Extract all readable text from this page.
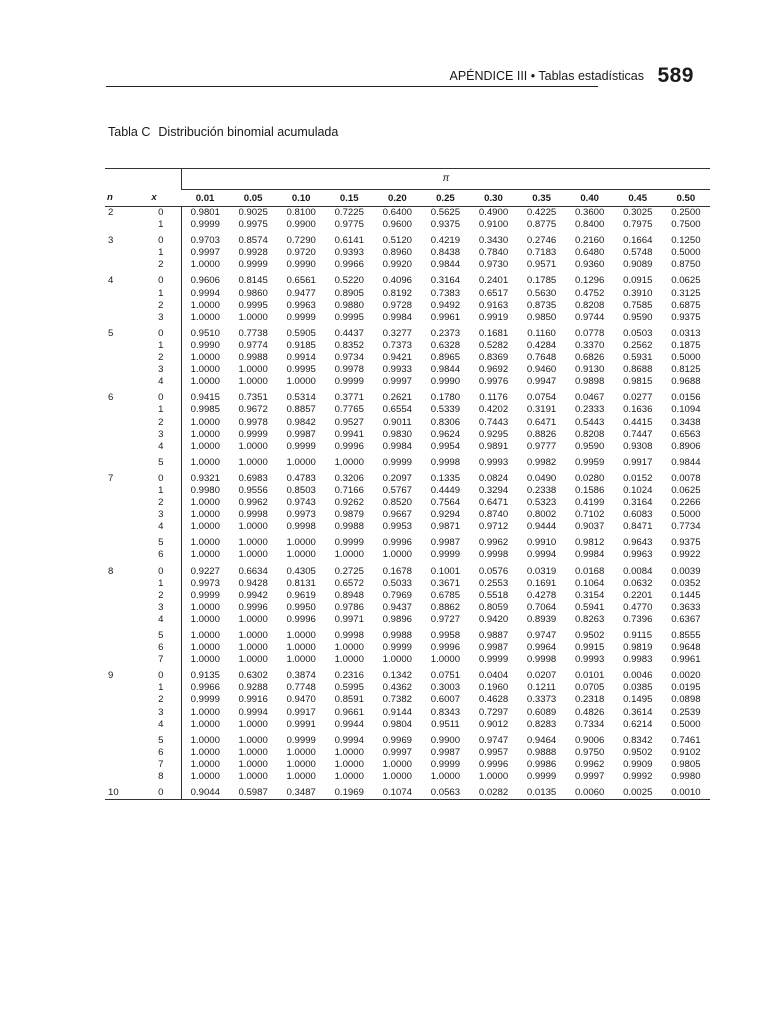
APÉNDICE III • Tablas estadísticas 589
Tabla C Distribución binomial acumulada
π
n	x	0.01	0.05	0.10	0.15	0.20	0.25	0.30	0.35	0.40	0.45	0.50
2	0	0.9801	0.9025	0.8100	0.7225	0.6400	0.5625	0.4900	0.4225	0.3600	0.3025	0.2500
	1	0.9999	0.9975	0.9900	0.9775	0.9600	0.9375	0.9100	0.8775	0.8400	0.7975	0.7500
3	0	0.9703	0.8574	0.7290	0.6141	0.5120	0.4219	0.3430	0.2746	0.2160	0.1664	0.1250
	1	0.9997	0.9928	0.9720	0.9393	0.8960	0.8438	0.7840	0.7183	0.6480	0.5748	0.5000
	2	1.0000	0.9999	0.9990	0.9966	0.9920	0.9844	0.9730	0.9571	0.9360	0.9089	0.8750
4	0	0.9606	0.8145	0.6561	0.5220	0.4096	0.3164	0.2401	0.1785	0.1296	0.0915	0.0625
	1	0.9994	0.9860	0.9477	0.8905	0.8192	0.7383	0.6517	0.5630	0.4752	0.3910	0.3125
	2	1.0000	0.9995	0.9963	0.9880	0.9728	0.9492	0.9163	0.8735	0.8208	0.7585	0.6875
	3	1.0000	1.0000	0.9999	0.9995	0.9984	0.9961	0.9919	0.9850	0.9744	0.9590	0.9375
5	0	0.9510	0.7738	0.5905	0.4437	0.3277	0.2373	0.1681	0.1160	0.0778	0.0503	0.0313
	1	0.9990	0.9774	0.9185	0.8352	0.7373	0.6328	0.5282	0.4284	0.3370	0.2562	0.1875
	2	1.0000	0.9988	0.9914	0.9734	0.9421	0.8965	0.8369	0.7648	0.6826	0.5931	0.5000
	3	1.0000	1.0000	0.9995	0.9978	0.9933	0.9844	0.9692	0.9460	0.9130	0.8688	0.8125
	4	1.0000	1.0000	1.0000	0.9999	0.9997	0.9990	0.9976	0.9947	0.9898	0.9815	0.9688
6	0	0.9415	0.7351	0.5314	0.3771	0.2621	0.1780	0.1176	0.0754	0.0467	0.0277	0.0156
	1	0.9985	0.9672	0.8857	0.7765	0.6554	0.5339	0.4202	0.3191	0.2333	0.1636	0.1094
	2	1.0000	0.9978	0.9842	0.9527	0.9011	0.8306	0.7443	0.6471	0.5443	0.4415	0.3438
	3	1.0000	0.9999	0.9987	0.9941	0.9830	0.9624	0.9295	0.8826	0.8208	0.7447	0.6563
	4	1.0000	1.0000	0.9999	0.9996	0.9984	0.9954	0.9891	0.9777	0.9590	0.9308	0.8906
	5	1.0000	1.0000	1.0000	1.0000	0.9999	0.9998	0.9993	0.9982	0.9959	0.9917	0.9844
7	0	0.9321	0.6983	0.4783	0.3206	0.2097	0.1335	0.0824	0.0490	0.0280	0.0152	0.0078
	1	0.9980	0.9556	0.8503	0.7166	0.5767	0.4449	0.3294	0.2338	0.1586	0.1024	0.0625
	2	1.0000	0.9962	0.9743	0.9262	0.8520	0.7564	0.6471	0.5323	0.4199	0.3164	0.2266
	3	1.0000	0.9998	0.9973	0.9879	0.9667	0.9294	0.8740	0.8002	0.7102	0.6083	0.5000
	4	1.0000	1.0000	0.9998	0.9988	0.9953	0.9871	0.9712	0.9444	0.9037	0.8471	0.7734
	5	1.0000	1.0000	1.0000	0.9999	0.9996	0.9987	0.9962	0.9910	0.9812	0.9643	0.9375
	6	1.0000	1.0000	1.0000	1.0000	1.0000	0.9999	0.9998	0.9994	0.9984	0.9963	0.9922
8	0	0.9227	0.6634	0.4305	0.2725	0.1678	0.1001	0.0576	0.0319	0.0168	0.0084	0.0039
	1	0.9973	0.9428	0.8131	0.6572	0.5033	0.3671	0.2553	0.1691	0.1064	0.0632	0.0352
	2	0.9999	0.9942	0.9619	0.8948	0.7969	0.6785	0.5518	0.4278	0.3154	0.2201	0.1445
	3	1.0000	0.9996	0.9950	0.9786	0.9437	0.8862	0.8059	0.7064	0.5941	0.4770	0.3633
	4	1.0000	1.0000	0.9996	0.9971	0.9896	0.9727	0.9420	0.8939	0.8263	0.7396	0.6367
	5	1.0000	1.0000	1.0000	0.9998	0.9988	0.9958	0.9887	0.9747	0.9502	0.9115	0.8555
	6	1.0000	1.0000	1.0000	1.0000	0.9999	0.9996	0.9987	0.9964	0.9915	0.9819	0.9648
	7	1.0000	1.0000	1.0000	1.0000	1.0000	1.0000	0.9999	0.9998	0.9993	0.9983	0.9961
9	0	0.9135	0.6302	0.3874	0.2316	0.1342	0.0751	0.0404	0.0207	0.0101	0.0046	0.0020
	1	0.9966	0.9288	0.7748	0.5995	0.4362	0.3003	0.1960	0.1211	0.0705	0.0385	0.0195
	2	0.9999	0.9916	0.9470	0.8591	0.7382	0.6007	0.4628	0.3373	0.2318	0.1495	0.0898
	3	1.0000	0.9994	0.9917	0.9661	0.9144	0.8343	0.7297	0.6089	0.4826	0.3614	0.2539
	4	1.0000	1.0000	0.9991	0.9944	0.9804	0.9511	0.9012	0.8283	0.7334	0.6214	0.5000
	5	1.0000	1.0000	0.9999	0.9994	0.9969	0.9900	0.9747	0.9464	0.9006	0.8342	0.7461
	6	1.0000	1.0000	1.0000	1.0000	0.9997	0.9987	0.9957	0.9888	0.9750	0.9502	0.9102
	7	1.0000	1.0000	1.0000	1.0000	1.0000	0.9999	0.9996	0.9986	0.9962	0.9909	0.9805
	8	1.0000	1.0000	1.0000	1.0000	1.0000	1.0000	1.0000	0.9999	0.9997	0.9992	0.9980
10	0	0.9044	0.5987	0.3487	0.1969	0.1074	0.0563	0.0282	0.0135	0.0060	0.0025	0.0010
